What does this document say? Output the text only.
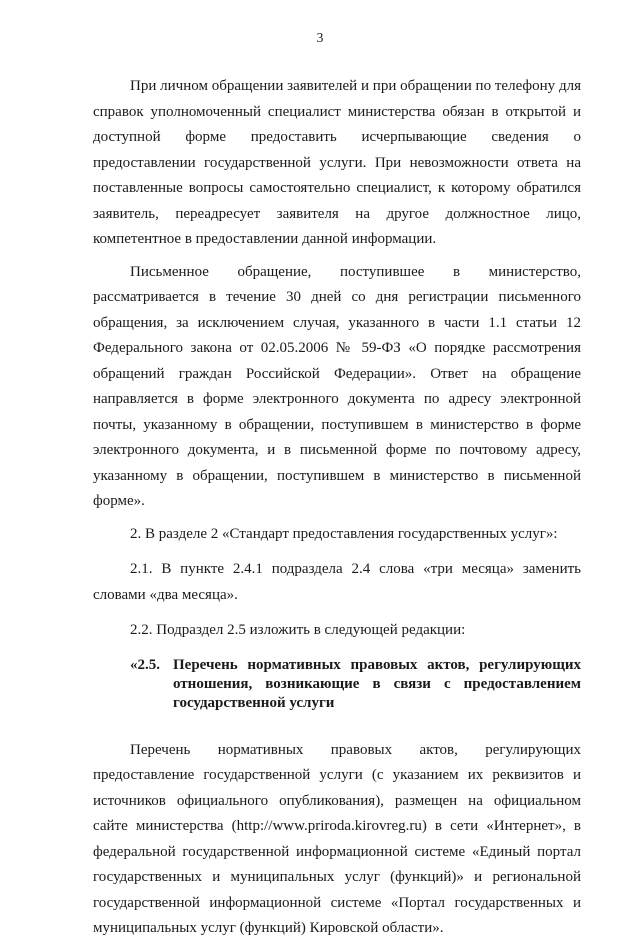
3

При личном обращении заявителей и при обращении по телефону для справок уполномоченный специалист министерства обязан в открытой и доступной форме предоставить исчерпывающие сведения о предоставлении государственной услуги. При невозможности ответа на поставленные вопросы самостоятельно специалист, к которому обратился заявитель, переадресует заявителя на другое должностное лицо, компетентное в предоставлении данной информации.

Письменное обращение, поступившее в министерство, рассматривается в течение 30 дней со дня регистрации письменного обращения, за исключением случая, указанного в части 1.1 статьи 12 Федерального закона от 02.05.2006 № 59-ФЗ «О порядке рассмотрения обращений граждан Российской Федерации». Ответ на обращение направляется в форме электронного документа по адресу электронной почты, указанному в обращении, поступившем в министерство в форме электронного документа, и в письменной форме по почтовому адресу, указанному в обращении, поступившем в министерство в письменной форме».

2. В разделе 2 «Стандарт предоставления государственных услуг»:

2.1. В пункте 2.4.1 подраздела 2.4 слова «три месяца» заменить словами «два месяца».

2.2. Подраздел 2.5 изложить в следующей редакции:

«2.5. Перечень нормативных правовых актов, регулирующих отношения, возникающие в связи с предоставлением государственной услуги

Перечень нормативных правовых актов, регулирующих предоставление государственной услуги (с указанием их реквизитов и источников официального опубликования), размещен на официальном сайте министерства (http://www.priroda.kirovreg.ru) в сети «Интернет», в федеральной государственной информационной системе «Единый портал государственных и муниципальных услуг (функций)» и региональной государственной информационной системе «Портал государственных и муниципальных услуг (функций) Кировской области».
